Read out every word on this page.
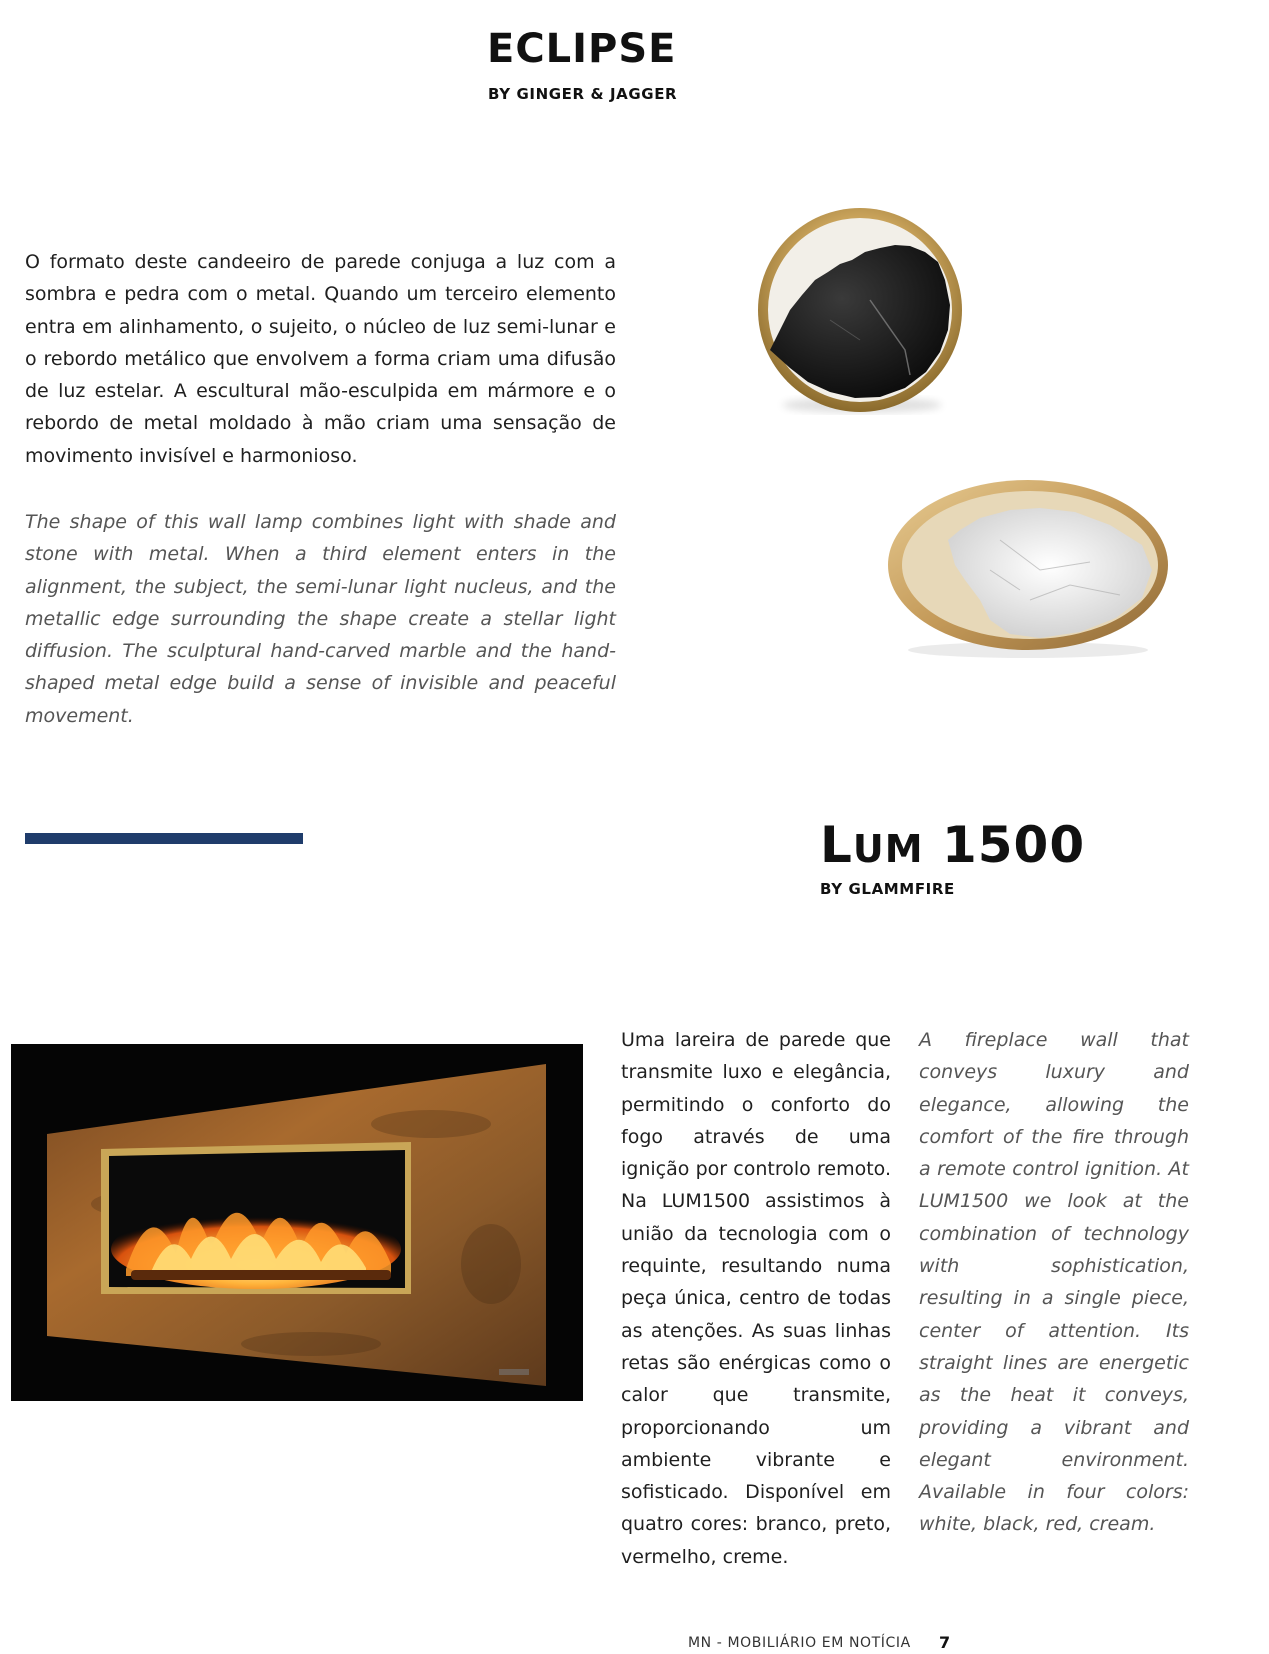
ECLIPSE
BY GINGER & JAGGER

O formato deste candeeiro de parede conjuga a luz com a sombra e pedra com o metal. Quando um terceiro elemento entra em alinhamento, o sujeito, o núcleo de luz semi-lunar e o rebordo metálico que envolvem a forma criam uma difusão de luz estelar. A escultural mão-esculpida em mármore e o rebordo de metal moldado à mão criam uma sensação de movimento invisível e harmonioso.

The shape of this wall lamp combines light with shade and stone with metal. When a third element enters in the alignment, the subject, the semi-lunar light nucleus, and the metallic edge surrounding the shape create a stellar light diffusion. The sculptural hand-carved marble and the hand-shaped metal edge build a sense of invisible and peaceful movement.

LUM 1500
BY GLAMMFIRE

Uma lareira de parede que transmite luxo e elegância, permitindo o conforto do fogo através de uma ignição por controlo remoto. Na LUM1500 assistimos à união da tecnologia com o requinte, resultando numa peça única, centro de todas as atenções. As suas linhas retas são enérgicas como o calor que transmite, proporcionando um ambiente vibrante e sofisticado. Disponível em quatro cores: branco, preto, vermelho, creme.

A fireplace wall that conveys luxury and elegance, allowing the comfort of the fire through a remote control ignition. At LUM1500 we look at the combination of technology with sophistication, resulting in a single piece, center of attention. Its straight lines are energetic as the heat it conveys, providing a vibrant and elegant environment. Available in four colors: white, black, red, cream.

MN - MOBILIÁRIO EM NOTÍCIA 7
